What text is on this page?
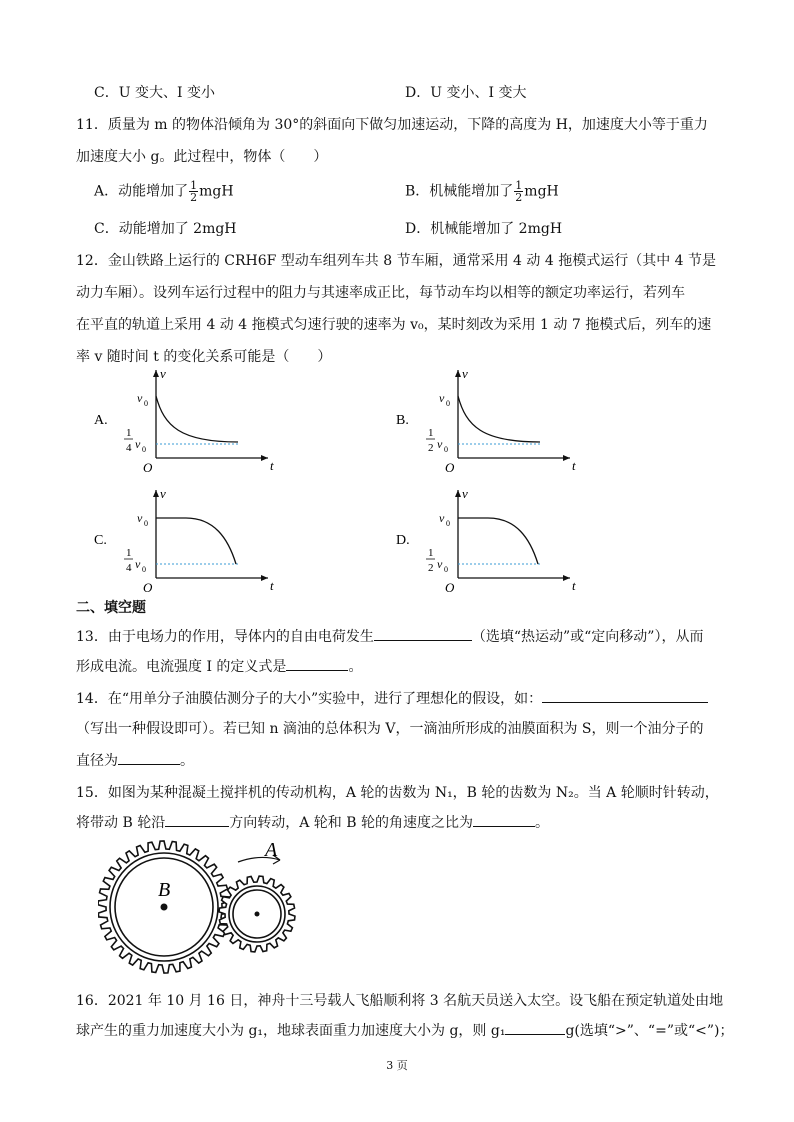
C．U 变大、I 变小	D．U 变小、I 变大
11．质量为 m 的物体沿倾角为 30°的斜面向下做匀加速运动，下降的高度为 H，加速度大小等于重力
加速度大小 g。此过程中，物体（　　）
A．动能增加了 $\frac{1}{2}$ mgH	B．机械能增加了 $\frac{1}{2}$ mgH
C．动能增加了 2mgH	D．机械能增加了 2mgH
12．金山铁路上运行的 CRH6F 型动车组列车共 8 节车厢，通常采用 4 动 4 拖模式运行（其中 4 节是
动力车厢）。设列车运行过程中的阻力与其速率成正比，每节动车均以相等的额定功率运行，若列车
在平直的轨道上采用 4 动 4 拖模式匀速行驶的速率为 v₀，某时刻改为采用 1 动 7 拖模式后，列车的速
率 v 随时间 t 的变化关系可能是（　　）
A.
v
t
O
v 0
1
4 v 0
B.
v
t
O
v 0
1
2 v 0
C.
v
t
O
v 0
1
4 v 0
D.
v
t
O
v 0
1
2 v 0
二、填空题
13．由于电场力的作用，导体内的自由电荷发生	（选填“热运动”或“定向移动”），从而
形成电流。电流强度 I 的定义式是	。
14．在“用单分子油膜估测分子的大小”实验中，进行了理想化的假设，如：
（写出一种假设即可）。若已知 n 滴油的总体积为 V，一滴油所形成的油膜面积为 S，则一个油分子的
直径为	。
15．如图为某种混凝土搅拌机的传动机构，A 轮的齿数为 N₁，B 轮的齿数为 N₂。当 A 轮顺时针转动，
将带动 B 轮沿	方向转动，A 轮和 B 轮的角速度之比为	。
A
B
16．2021 年 10 月 16 日，神舟十三号载人飞船顺利将 3 名航天员送入太空。设飞船在预定轨道处由地
球产生的重力加速度大小为 g₁，地球表面重力加速度大小为 g，则 g₁	g(选填“>”、“=”或“<”)；
3 页
